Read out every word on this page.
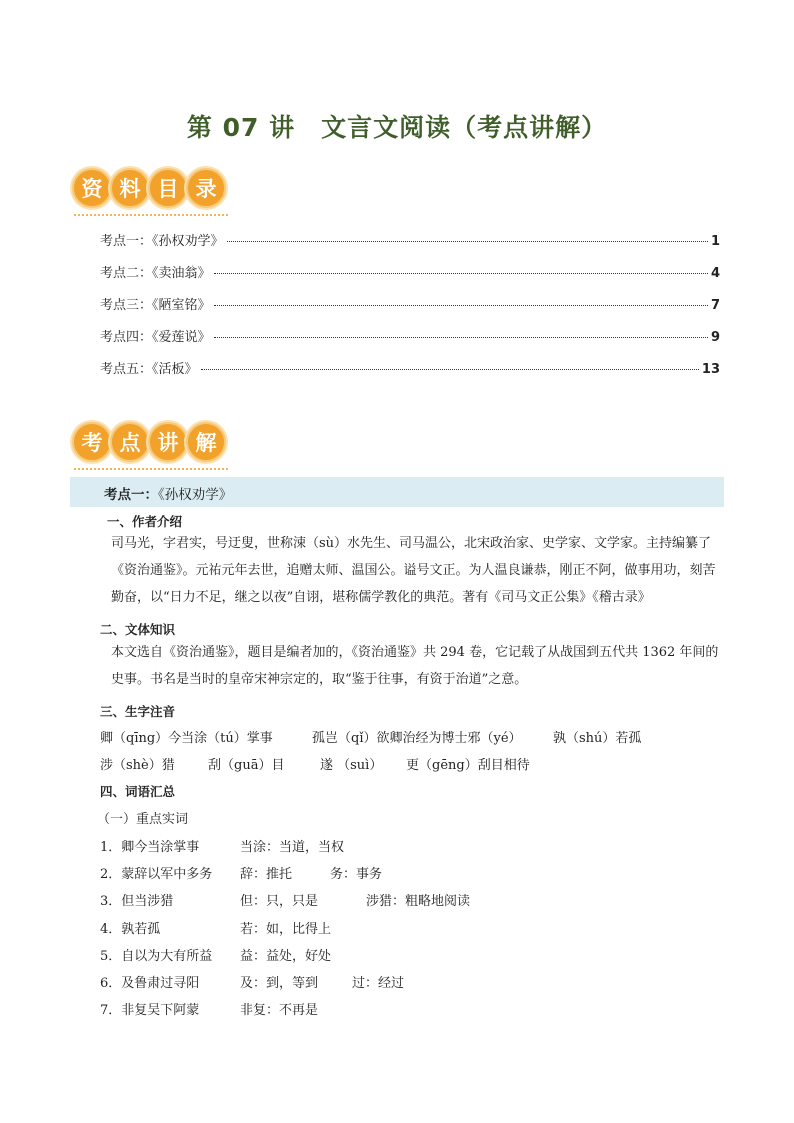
第 07 讲　文言文阅读（考点讲解）
资 料 目 录
考点一：《孙权劝学》	1
考点二：《卖油翁》	4
考点三：《陋室铭》	7
考点四：《爱莲说》	9
考点五：《活板》	13
考 点 讲 解
考点一：《孙权劝学》
一、作者介绍
司马光，字君实，号迂叟，世称涑（sù）水先生、司马温公，北宋政治家、史学家、文学家。主持编纂了《资治通鉴》。元祐元年去世，追赠太师、温国公。谥号文正。为人温良谦恭，刚正不阿，做事用功，刻苦勤奋，以“日力不足，继之以夜”自诩，堪称儒学教化的典范。著有《司马文正公集》《稽古录》
二、文体知识
本文选自《资治通鉴》，题目是编者加的，《资治通鉴》共 294 卷，它记载了从战国到五代共 1362 年间的史事。书名是当时的皇帝宋神宗定的，取“鉴于往事，有资于治道”之意。
三、生字注音
卿（qīng）今当涂（tú）掌事	孤岂（qǐ）欲卿治经为博士邪（yé） 孰（shú）若孤
涉（shè）猎	刮（guā）目	遂 （suì） 更（gēng）刮目相待
四、词语汇总
（一）重点实词
1．卿今当涂掌事	当涂：当道，当权
2．蒙辞以军中多务 辞：推托	务：事务
3．但当涉猎	但：只，只是	涉猎：粗略地阅读
4．孰若孤	若：如，比得上
5．自以为大有所益 益：益处，好处
6．及鲁肃过寻阳	及：到，等到	过：经过
7．非复吴下阿蒙	非复：不再是
